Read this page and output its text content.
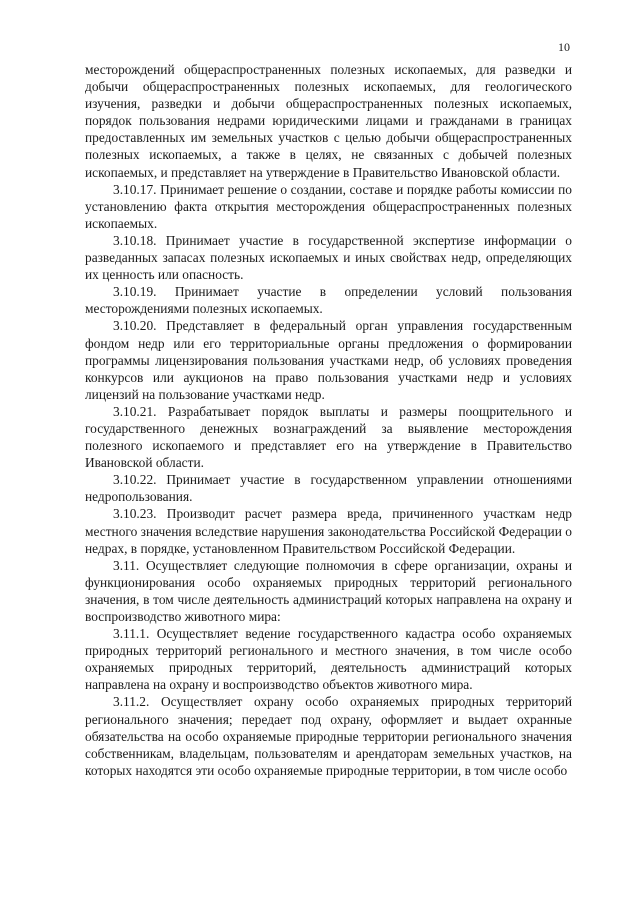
10

месторождений общераспространенных полезных ископаемых, для разведки и добычи общераспространенных полезных ископаемых, для геологического изучения, разведки и добычи общераспространенных полезных ископаемых, порядок пользования недрами юридическими лицами и гражданами в границах предоставленных им земельных участков с целью добычи общераспространенных полезных ископаемых, а также в целях, не связанных с добычей полезных ископаемых, и представляет на утверждение в Правительство Ивановской области.

3.10.17. Принимает решение о создании, составе и порядке работы комиссии по установлению факта открытия месторождения общераспространенных полезных ископаемых.

3.10.18. Принимает участие в государственной экспертизе информации о разведанных запасах полезных ископаемых и иных свойствах недр, определяющих их ценность или опасность.

3.10.19. Принимает участие в определении условий пользования месторождениями полезных ископаемых.

3.10.20. Представляет в федеральный орган управления государственным фондом недр или его территориальные органы предложения о формировании программы лицензирования пользования участками недр, об условиях проведения конкурсов или аукционов на право пользования участками недр и условиях лицензий на пользование участками недр.

3.10.21. Разрабатывает порядок выплаты и размеры поощрительного и государственного денежных вознаграждений за выявление месторождения полезного ископаемого и представляет его на утверждение в Правительство Ивановской области.

3.10.22. Принимает участие в государственном управлении отношениями недропользования.

3.10.23. Производит расчет размера вреда, причиненного участкам недр местного значения вследствие нарушения законодательства Российской Федерации о недрах, в порядке, установленном Правительством Российской Федерации.

3.11. Осуществляет следующие полномочия в сфере организации, охраны и функционирования особо охраняемых природных территорий регионального значения, в том числе деятельность администраций которых направлена на охрану и воспроизводство животного мира:

3.11.1. Осуществляет ведение государственного кадастра особо охраняемых природных территорий регионального и местного значения, в том числе особо охраняемых природных территорий, деятельность администраций которых направлена на охрану и воспроизводство объектов животного мира.

3.11.2. Осуществляет охрану особо охраняемых природных территорий регионального значения; передает под охрану, оформляет и выдает охранные обязательства на особо охраняемые природные территории регионального значения собственникам, владельцам, пользователям и арендаторам земельных участков, на которых находятся эти особо охраняемые природные территории, в том числе особо
